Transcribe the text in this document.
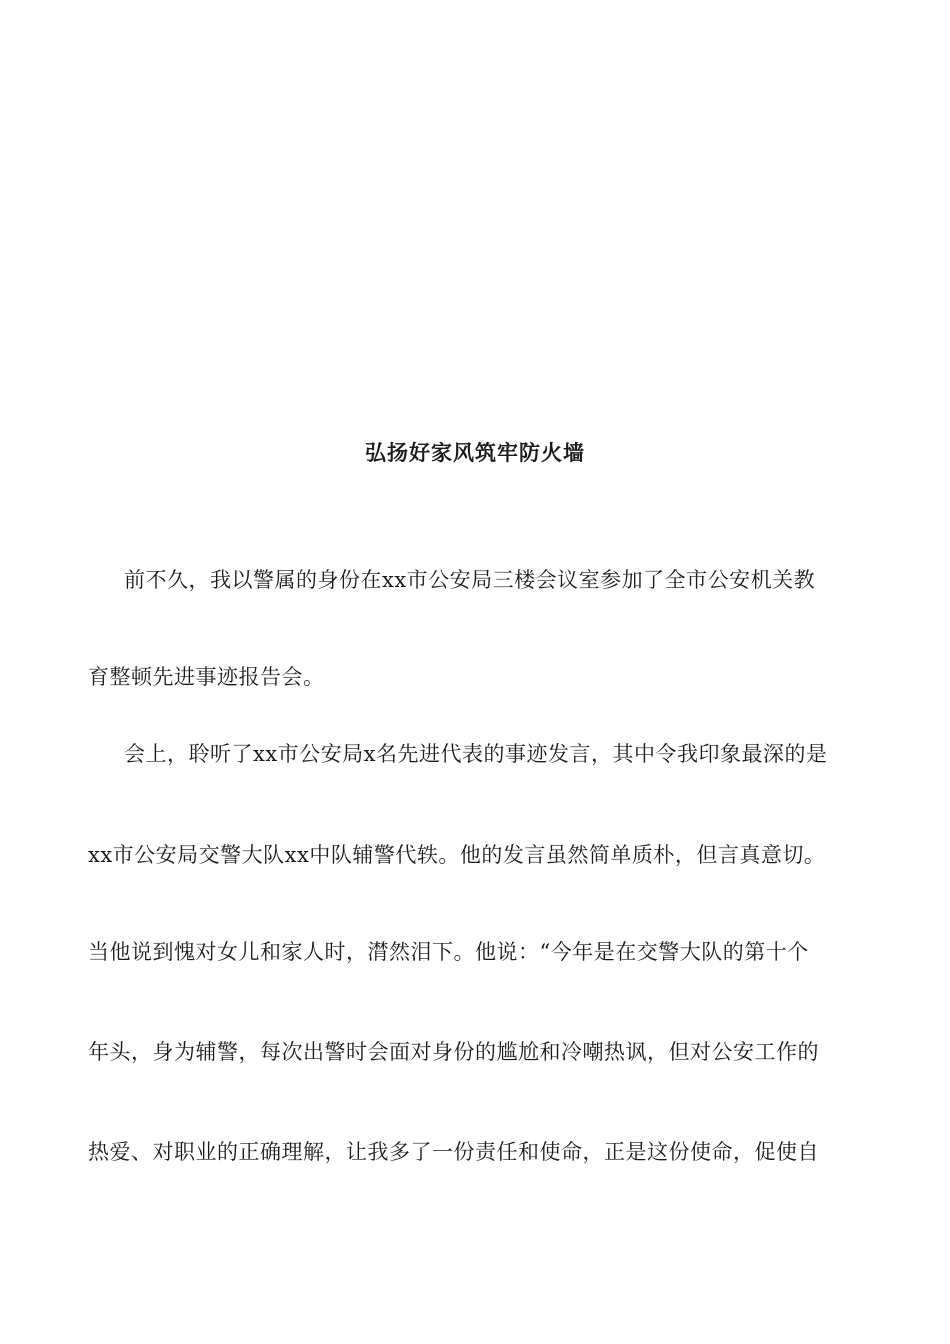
弘扬好家风筑牢防火墙

前不久，我以警属的身份在xx市公安局三楼会议室参加了全市公安机关教

育整顿先进事迹报告会。

会上，聆听了xx市公安局x名先进代表的事迹发言，其中令我印象最深的是

xx市公安局交警大队xx中队辅警代轶。他的发言虽然简单质朴，但言真意切。

当他说到愧对女儿和家人时，潸然泪下。他说：“今年是在交警大队的第十个

年头，身为辅警，每次出警时会面对身份的尴尬和冷嘲热讽，但对公安工作的

热爱、对职业的正确理解，让我多了一份责任和使命，正是这份使命，促使自
